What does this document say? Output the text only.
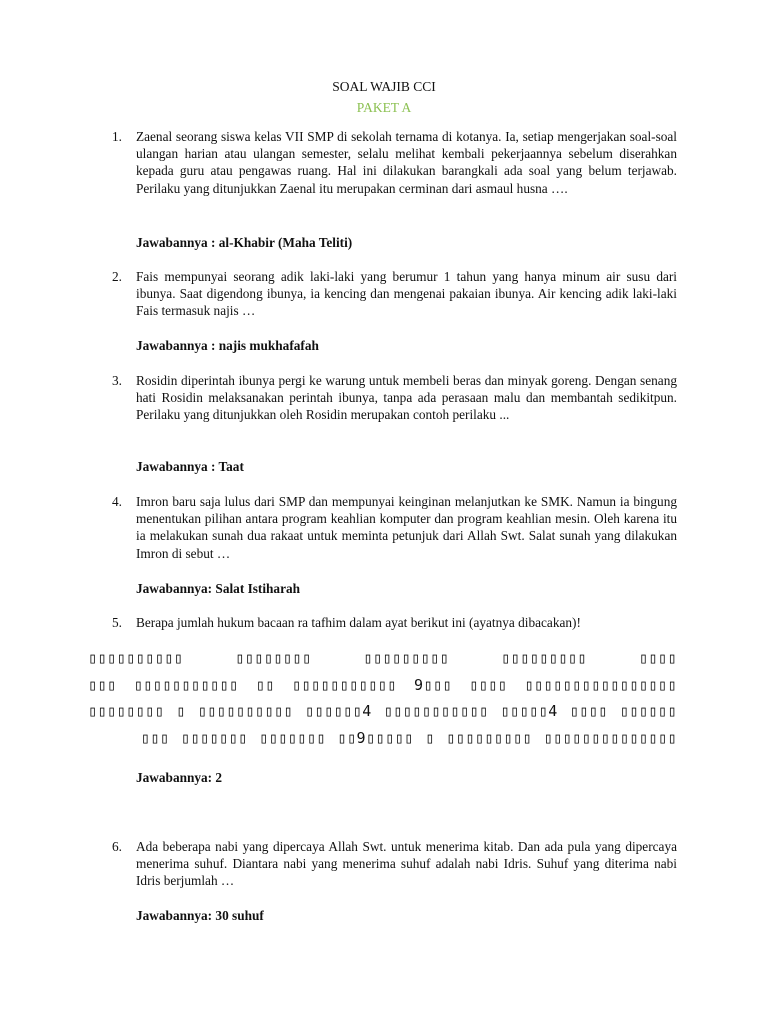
SOAL WAJIB CCI
PAKET A
1.	Zaenal seorang siswa kelas VII SMP di sekolah ternama di kotanya. Ia, setiap mengerjakan soal-soal ulangan harian atau ulangan semester, selalu melihat kembali pekerjaannya sebelum diserahkan kepada guru atau pengawas ruang. Hal ini dilakukan barangkali ada soal yang belum terjawab. Perilaku yang ditunjukkan Zaenal itu merupakan cerminan dari asmaul husna ….
Jawabannya : al-Khabir (Maha Teliti)
2.	Fais mempunyai seorang adik laki-laki yang berumur 1 tahun yang hanya minum air susu dari ibunya. Saat digendong ibunya, ia kencing dan mengenai pakaian ibunya. Air kencing adik laki-laki Fais termasuk najis …
Jawabannya : najis mukhafafah
3.	Rosidin diperintah ibunya pergi ke warung untuk membeli beras dan minyak goreng. Dengan senang hati Rosidin melaksanakan perintah ibunya, tanpa ada perasaan malu dan membantah sedikitpun. Perilaku yang ditunjukkan oleh Rosidin merupakan contoh perilaku ...
Jawabannya : Taat
4.	Imron baru saja lulus dari SMP dan mempunyai keinginan melanjutkan ke SMK. Namun ia bingung menentukan pilihan antara program keahlian komputer dan program keahlian mesin. Oleh karena itu ia melakukan sunah dua rakaat untuk meminta petunjuk dari Allah Swt. Salat sunah yang dilakukan Imron di sebut …
Jawabannya: Salat Istiharah
5.	Berapa jumlah hukum bacaan ra tafhim dalam ayat berikut ini (ayatnya dibacakan)!
▯▯▯▯ ▯▯▯▯▯▯▯▯▯ ▯▯▯▯▯▯▯▯▯ ▯▯▯▯▯▯▯▯ ▯▯▯▯▯▯▯▯▯▯ ▯▯▯▯▯▯▯▯▯▯▯▯▯▯▯▯ ▯▯▯▯ ▯▯▯9 ▯▯▯▯▯▯▯▯▯▯▯ ▯▯ ▯▯▯▯▯▯▯▯▯▯▯ ▯▯▯ ▯▯▯▯▯▯ ▯▯▯▯ 4▯▯▯▯▯ ▯▯▯▯▯▯▯▯▯▯▯ 4▯▯▯▯▯▯ ▯▯▯▯▯▯▯▯▯▯ ▯ ▯▯▯▯▯▯▯▯ ▯▯▯▯▯▯▯▯▯▯▯▯▯▯ ▯▯▯▯▯▯▯▯▯ ▯ ▯▯▯▯▯9▯▯ ▯▯▯▯▯▯▯ ▯▯▯▯▯▯▯ ▯▯▯
Jawabannya: 2
6.	Ada beberapa nabi yang dipercaya Allah Swt. untuk menerima kitab. Dan ada pula yang dipercaya menerima suhuf. Diantara nabi yang menerima suhuf adalah nabi Idris. Suhuf yang diterima nabi Idris berjumlah …
Jawabannya: 30 suhuf
